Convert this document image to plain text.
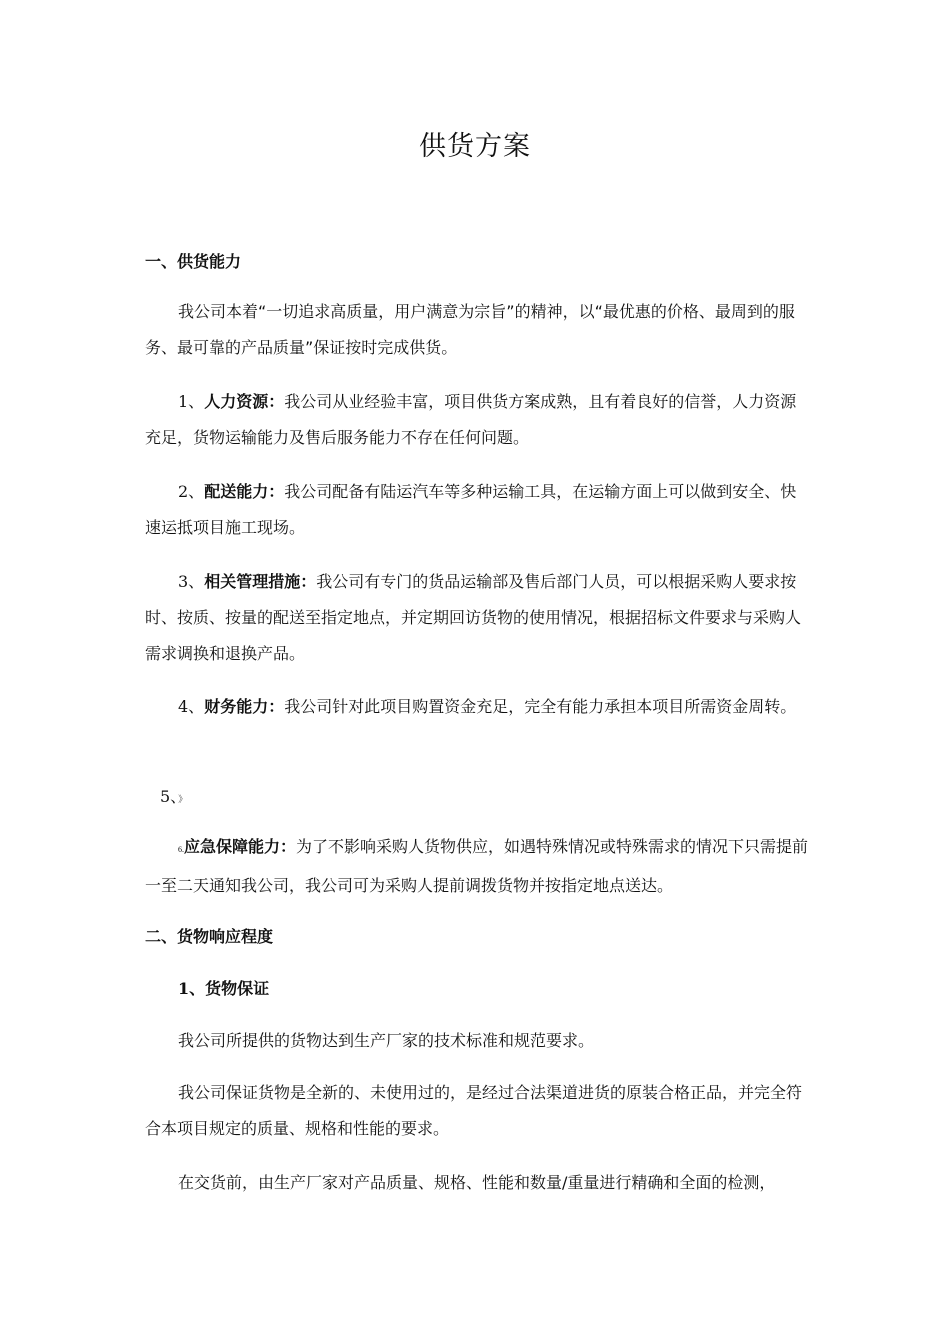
供货方案

一、供货能力

我公司本着“一切追求高质量，用户满意为宗旨”的精神，以“最优惠的价格、最周到的服务、最可靠的产品质量”保证按时完成供货。

1、人力资源：我公司从业经验丰富，项目供货方案成熟，且有着良好的信誉，人力资源充足，货物运输能力及售后服务能力不存在任何问题。

2、配送能力：我公司配备有陆运汽车等多种运输工具，在运输方面上可以做到安全、快速运抵项目施工现场。

3、相关管理措施：我公司有专门的货品运输部及售后部门人员，可以根据采购人要求按时、按质、按量的配送至指定地点，并定期回访货物的使用情况，根据招标文件要求与采购人需求调换和退换产品。

4、财务能力：我公司针对此项目购置资金充足，完全有能力承担本项目所需资金周转。

5、》

6.应急保障能力：为了不影响采购人货物供应，如遇特殊情况或特殊需求的情况下只需提前一至二天通知我公司，我公司可为采购人提前调拨货物并按指定地点送达。

二、货物响应程度

1、货物保证

我公司所提供的货物达到生产厂家的技术标准和规范要求。

我公司保证货物是全新的、未使用过的，是经过合法渠道进货的原装合格正品，并完全符合本项目规定的质量、规格和性能的要求。

在交货前，由生产厂家对产品质量、规格、性能和数量/重量进行精确和全面的检测，
